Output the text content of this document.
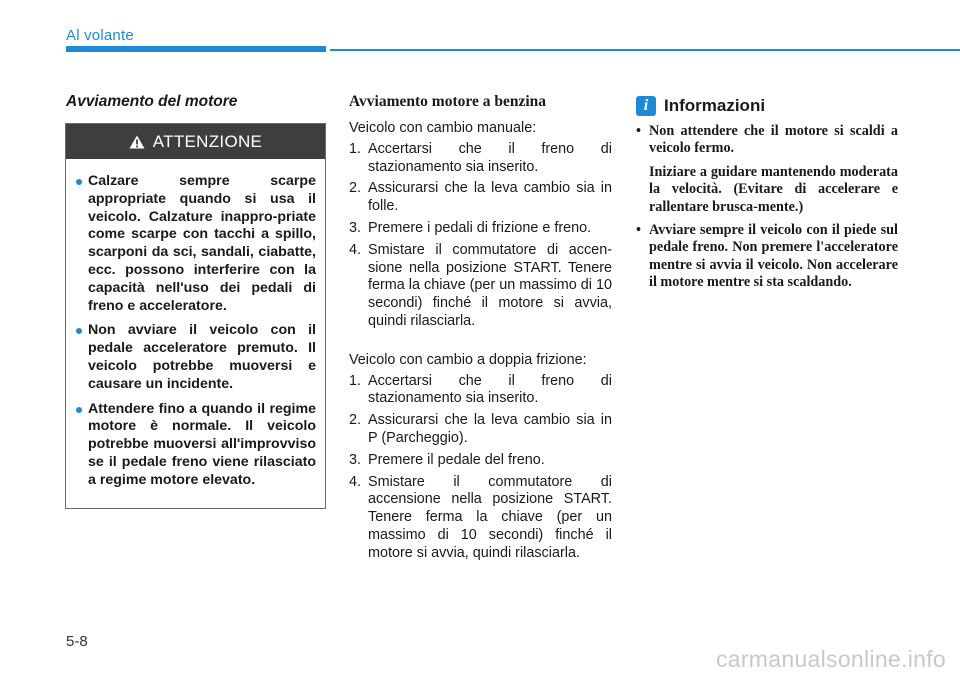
Al volante
Avviamento del motore
ATTENZIONE
Calzare sempre scarpe appropriate quando si usa il veicolo. Calzature inappro-priate come scarpe con tacchi a spillo, scarponi da sci, sandali, ciabatte, ecc. possono interferire con la capacità nell'uso dei pedali di freno e acceleratore.
Non avviare il veicolo con il pedale acceleratore premuto. Il veicolo potrebbe muoversi e causare un incidente.
Attendere fino a quando il regime motore è normale. Il veicolo potrebbe muoversi all'improvviso se il pedale freno viene rilasciato a regime motore elevato.
Avviamento motore a benzina

Veicolo con cambio manuale:

1. Accertarsi che il freno di stazionamento sia inserito.
2. Assicurarsi che la leva cambio sia in folle.
3. Premere i pedali di frizione e freno.
4. Smistare il commutatore di accen-sione nella posizione START. Tenere ferma la chiave (per un massimo di 10 secondi) finché il motore si avvia, quindi rilasciarla.

Veicolo con cambio a doppia frizione:

1. Accertarsi che il freno di stazionamento sia inserito.
2. Assicurarsi che la leva cambio sia in P (Parcheggio).
3. Premere il pedale del freno.
4. Smistare il commutatore di accensione nella posizione START. Tenere ferma la chiave (per un massimo di 10 secondi) finché il motore si avvia, quindi rilasciarla.
i Informazioni
• Non attendere che il motore si scaldi a veicolo fermo.

Iniziare a guidare mantenendo moderata la velocità. (Evitare di accelerare e rallentare brusca-mente.)

• Avviare sempre il veicolo con il piede sul pedale freno. Non premere l'acceleratore mentre si avvia il veicolo. Non accelerare il motore mentre si sta scaldando.

5-8
carmanualsonline.info
